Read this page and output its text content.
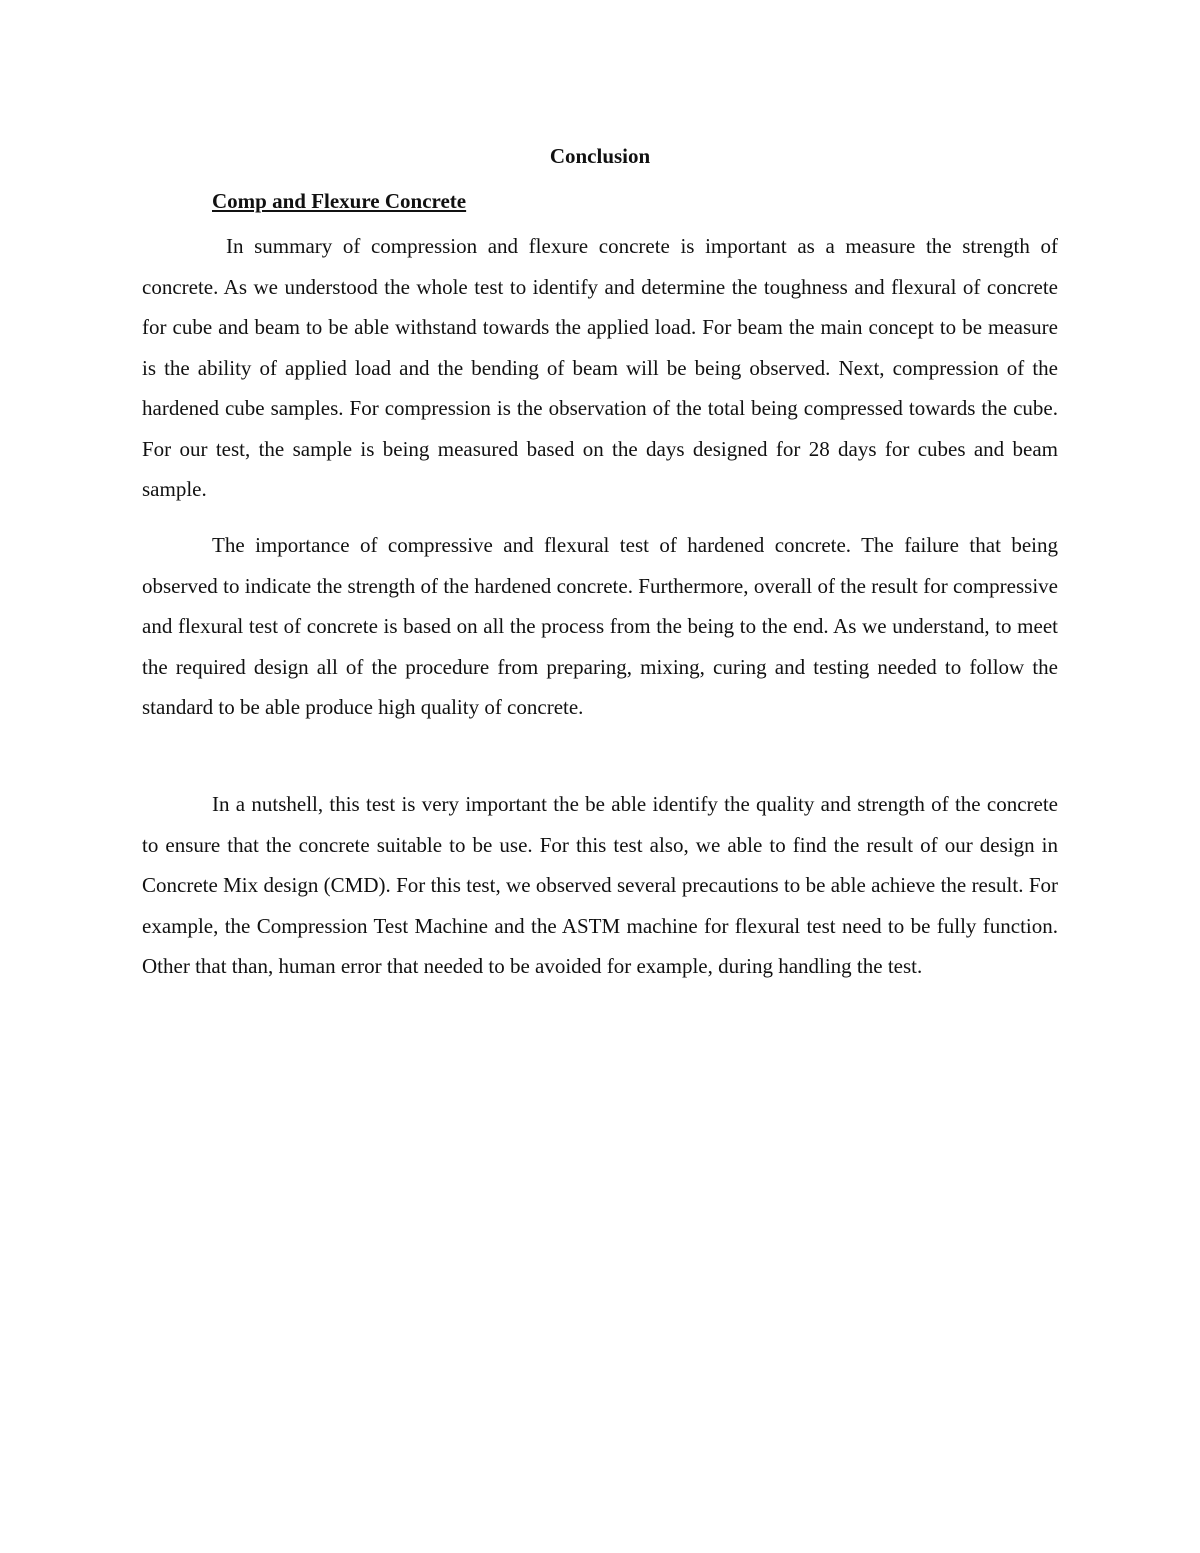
Conclusion
Comp and Flexure Concrete

In summary of compression and flexure concrete is important as a measure the strength of concrete. As we understood the whole test to identify and determine the toughness and flexural of concrete for cube and beam to be able withstand towards the applied load. For beam the main concept to be measure is the ability of applied load and the bending of beam will be being observed. Next, compression of the hardened cube samples. For compression is the observation of the total being compressed towards the cube. For our test, the sample is being measured based on the days designed for 28 days for cubes and beam sample.

The importance of compressive and flexural test of hardened concrete. The failure that being observed to indicate the strength of the hardened concrete. Furthermore, overall of the result for compressive and flexural test of concrete is based on all the process from the being to the end. As we understand, to meet the required design all of the procedure from preparing, mixing, curing and testing needed to follow the standard to be able produce high quality of concrete.

In a nutshell, this test is very important the be able identify the quality and strength of the concrete to ensure that the concrete suitable to be use. For this test also, we able to find the result of our design in Concrete Mix design (CMD). For this test, we observed several precautions to be able achieve the result. For example, the Compression Test Machine and the ASTM machine for flexural test need to be fully function. Other that than, human error that needed to be avoided for example, during handling the test.
